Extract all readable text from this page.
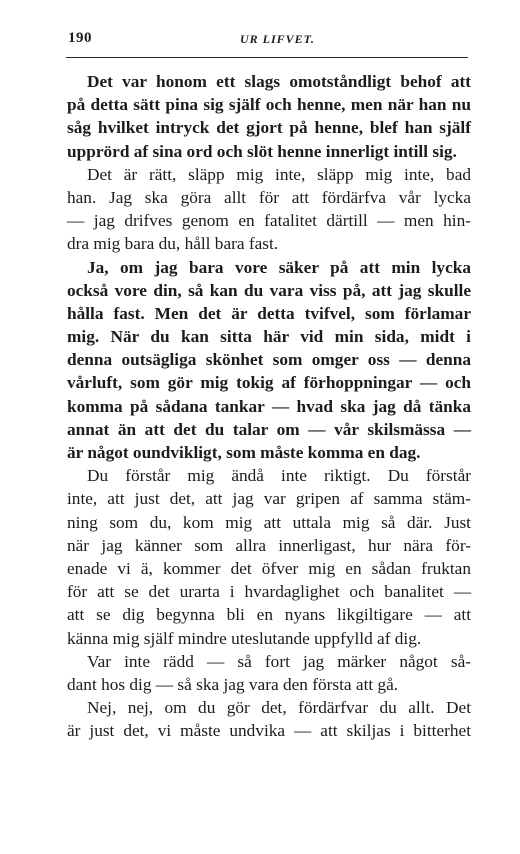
190	UR LIFVET.
Det var honom ett slags omotståndligt behof att
på detta sätt pina sig själf och henne, men när han nu
såg hvilket intryck det gjort på henne, blef han själf
upprörd af sina ord och slöt henne innerligt intill sig.
Det är rätt, släpp mig inte, släpp mig inte, bad
han. Jag ska göra allt för att fördärfva vår lycka
— jag drifves genom en fatalitet därtill — men hin-
dra mig bara du, håll bara fast.
Ja, om jag bara vore säker på att min lycka
också vore din, så kan du vara viss på, att jag skulle
hålla fast. Men det är detta tvifvel, som förlamar
mig. När du kan sitta här vid min sida, midt i
denna outsägliga skönhet som omger oss — denna
vårluft, som gör mig tokig af förhoppningar — och
komma på sådana tankar — hvad ska jag då tänka
annat än att det du talar om — vår skilsmässa —
är något oundvikligt, som måste komma en dag.
Du förstår mig ändå inte riktigt. Du förstår
inte, att just det, att jag var gripen af samma stäm-
ning som du, kom mig att uttala mig så där. Just
när jag känner som allra innerligast, hur nära för-
enade vi ä, kommer det öfver mig en sådan fruktan
för att se det urarta i hvardaglighet och banalitet —
att se dig begynna bli en nyans likgiltigare — att
känna mig själf mindre uteslutande uppfylld af dig.
Var inte rädd — så fort jag märker något så-
dant hos dig — så ska jag vara den första att gå.
Nej, nej, om du gör det, fördärfvar du allt. Det
är just det, vi måste undvika — att skiljas i bitterhet
